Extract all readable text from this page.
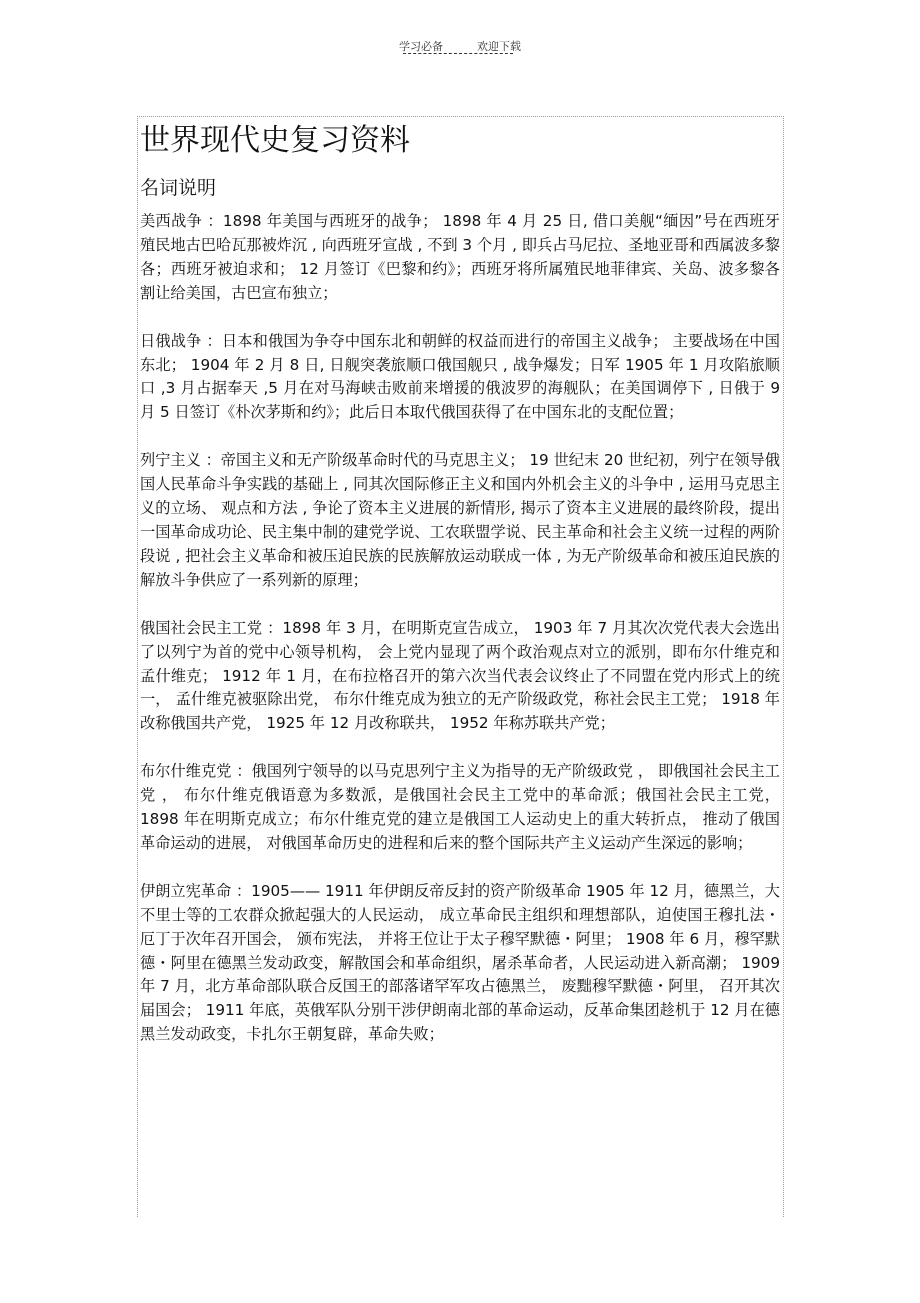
学习必备	欢迎下载
世界现代史复习资料
名词说明

美西战争 ：1898 年美国与西班牙的战争； 1898 年 4 月 25 日, 借口美舰“缅因”号在西班牙殖民地古巴哈瓦那被炸沉 , 向西班牙宣战 , 不到 3 个月 , 即兵占马尼拉、圣地亚哥和西属波多黎各；西班牙被迫求和； 12 月签订《巴黎和约》；西班牙将所属殖民地菲律宾、关岛、波多黎各割让给美国，古巴宣布独立；

日俄战争 ：日本和俄国为争夺中国东北和朝鲜的权益而进行的帝国主义战争； 主要战场在中国东北； 1904 年 2 月 8 日, 日舰突袭旅顺口俄国舰只 , 战争爆发；日军 1905 年 1 月攻陷旅顺口 ,3 月占据奉天 ,5 月在对马海峡击败前来增援的俄波罗的海舰队；在美国调停下 , 日俄于 9 月 5 日签订《朴次茅斯和约》；此后日本取代俄国获得了在中国东北的支配位置；

列宁主义 ：帝国主义和无产阶级革命时代的马克思主义； 19 世纪末 20 世纪初，列宁在领导俄国人民革命斗争实践的基础上 , 同其次国际修正主义和国内外机会主义的斗争中 , 运用马克思主义的立场、 观点和方法 , 争论了资本主义进展的新情形, 揭示了资本主义进展的最终阶段，提出一国革命成功论、民主集中制的建党学说、工农联盟学说、民主革命和社会主义统一过程的两阶段说 , 把社会主义革命和被压迫民族的民族解放运动联成一体 , 为无产阶级革命和被压迫民族的解放斗争供应了一系列新的原理；

俄国社会民主工党 ：1898 年 3 月，在明斯克宣告成立， 1903 年 7 月其次次党代表大会选出了以列宁为首的党中心领导机构， 会上党内显现了两个政治观点对立的派别，即布尔什维克和孟什维克； 1912 年 1 月，在布拉格召开的第六次当代表会议终止了不同盟在党内形式上的统一， 孟什维克被驱除出党， 布尔什维克成为独立的无产阶级政党，称社会民主工党； 1918 年改称俄国共产党， 1925 年 12 月改称联共， 1952 年称苏联共产党；

布尔什维克党 ：俄国列宁领导的以马克思列宁主义为指导的无产阶级政党 ， 即俄国社会民主工党 ， 布尔什维克俄语意为多数派，是俄国社会民主工党中的革命派；俄国社会民主工党， 1898 年在明斯克成立；布尔什维克党的建立是俄国工人运动史上的重大转折点， 推动了俄国革命运动的进展， 对俄国革命历史的进程和后来的整个国际共产主义运动产生深远的影响；

伊朗立宪革命 ：1905—— 1911 年伊朗反帝反封的资产阶级革命 1905 年 12 月，德黑兰，大不里士等的工农群众掀起强大的人民运动， 成立革命民主组织和理想部队，迫使国王穆扎法・厄丁于次年召开国会， 颁布宪法， 并将王位让于太子穆罕默德・阿里； 1908 年 6 月，穆罕默德・阿里在德黑兰发动政变，解散国会和革命组织，屠杀革命者，人民运动进入新高潮； 1909 年 7 月，北方革命部队联合反国王的部落诸罕军攻占德黑兰， 废黜穆罕默德・阿里， 召开其次届国会； 1911 年底，英俄军队分别干涉伊朗南北部的革命运动，反革命集团趁机于 12 月在德黑兰发动政变，卡扎尔王朝复辟，革命失败；
